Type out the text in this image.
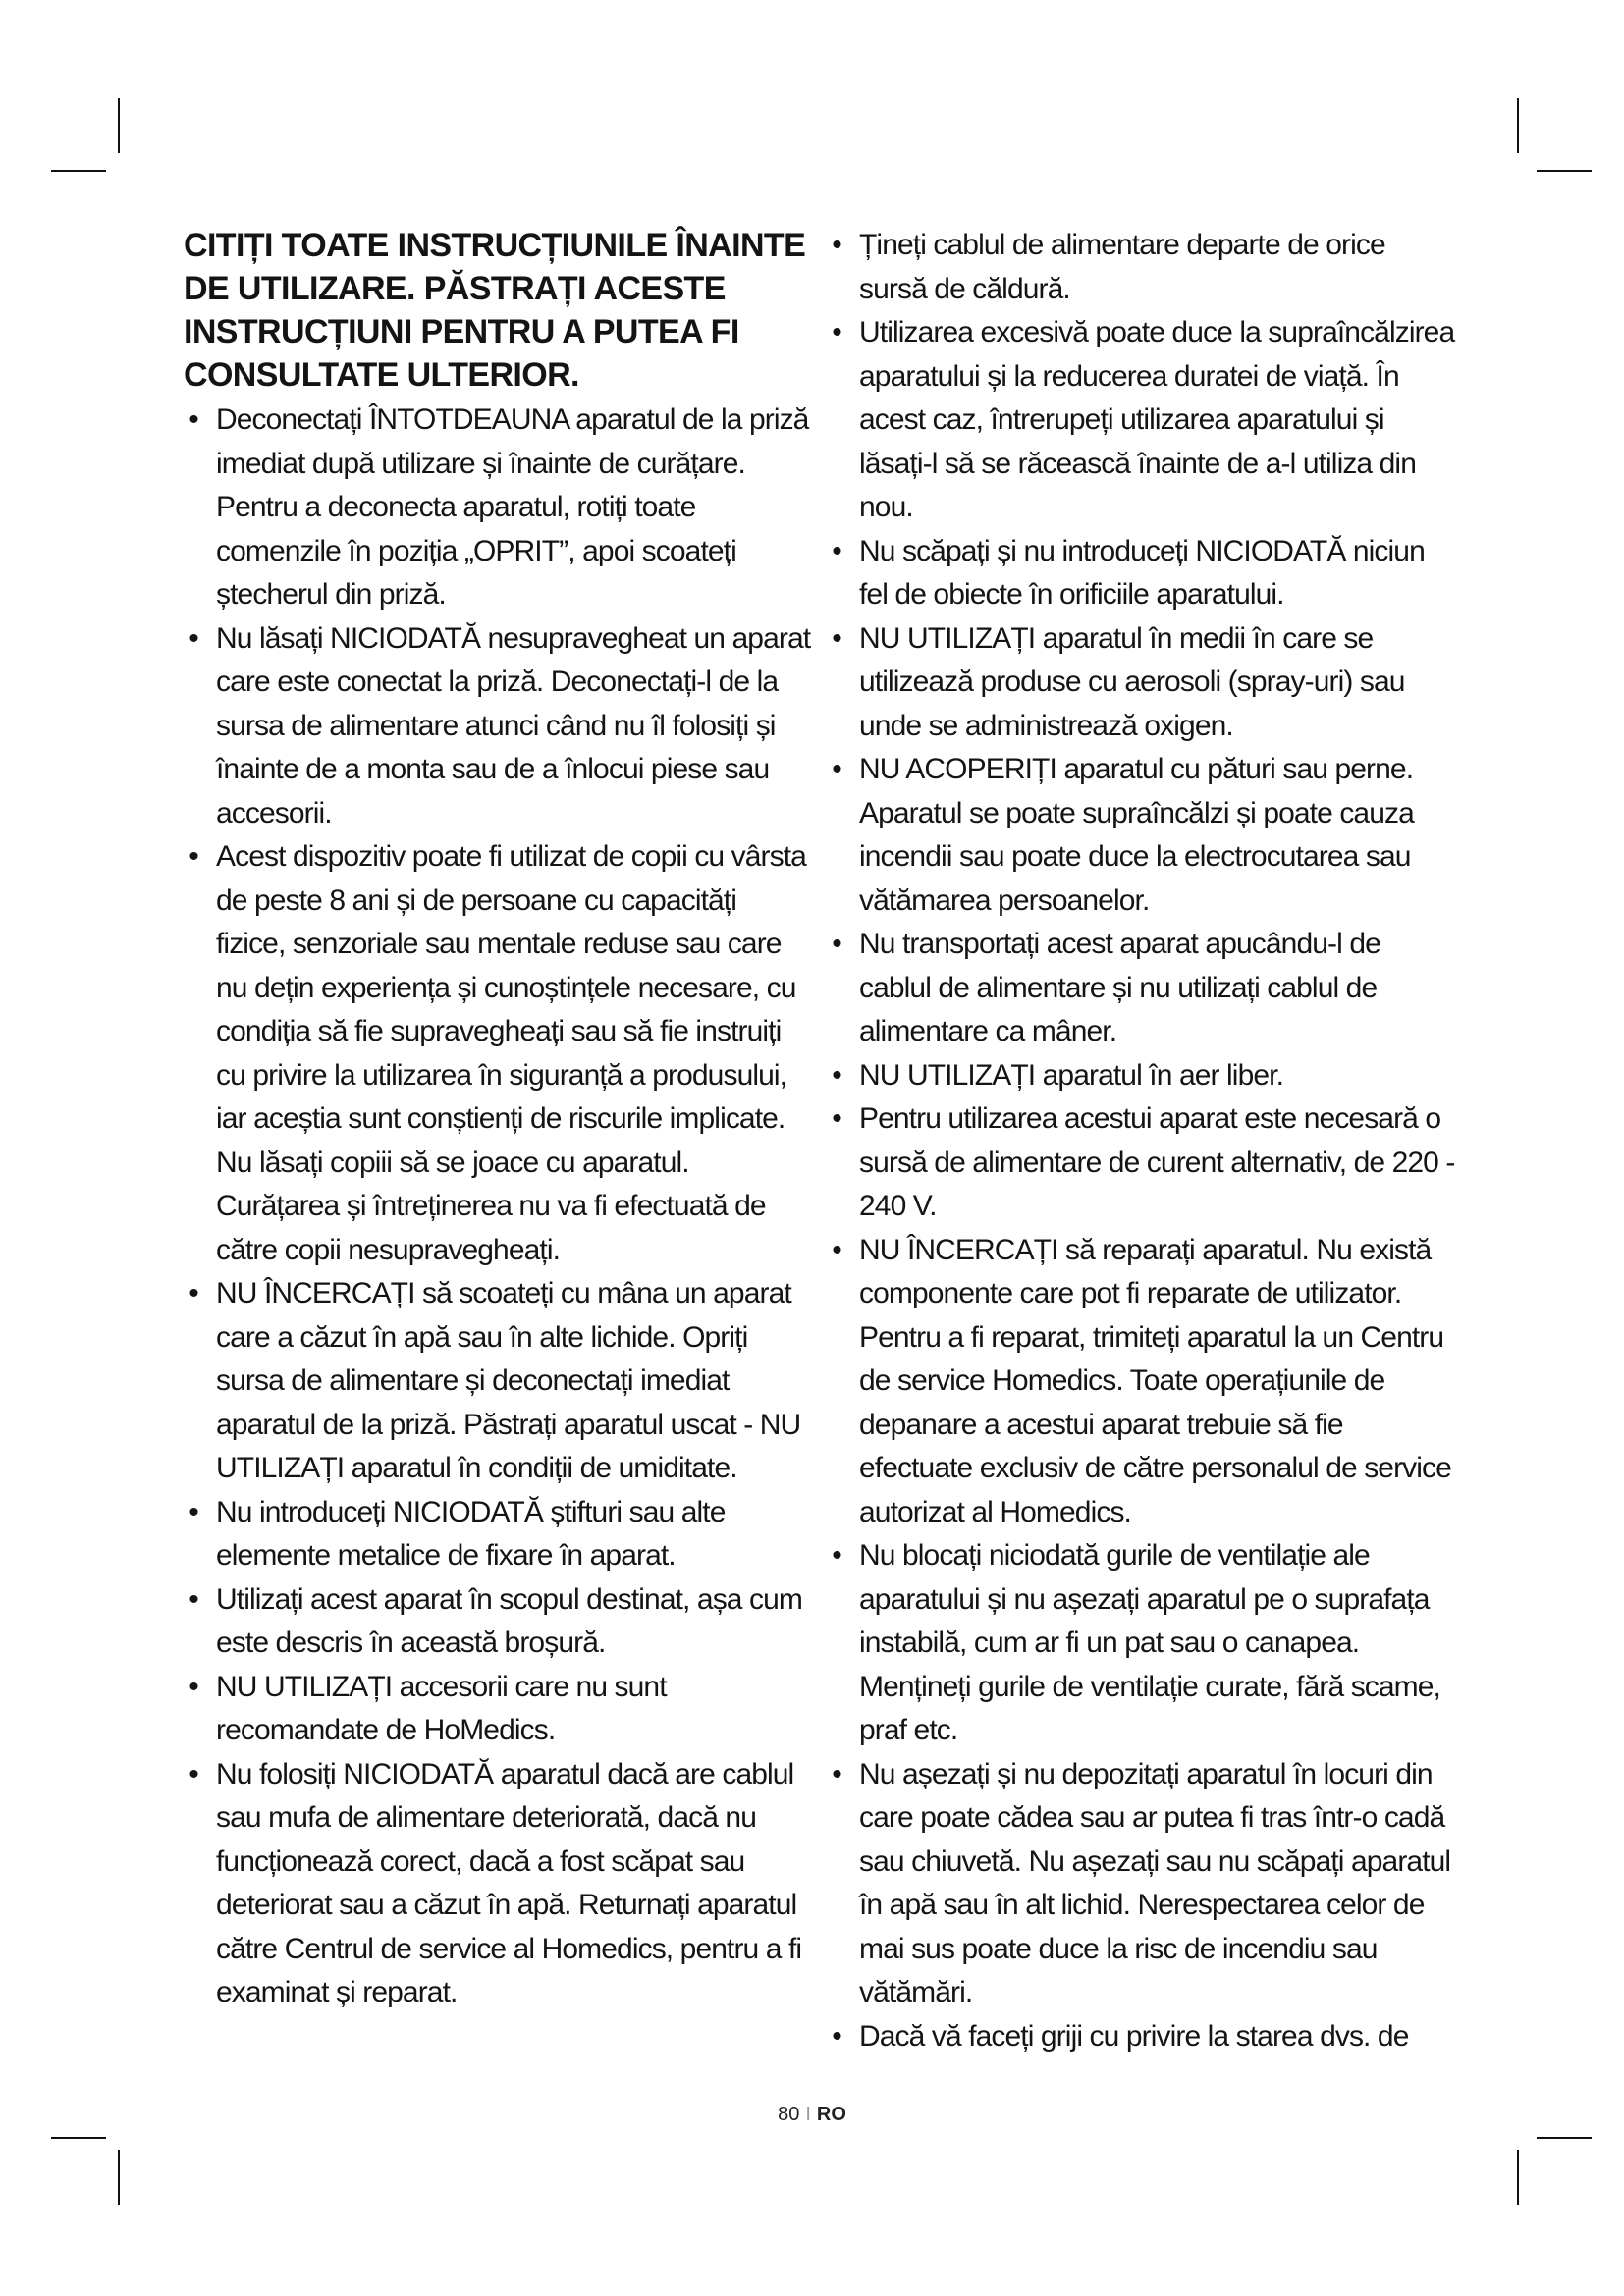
CITIȚI TOATE INSTRUCȚIUNILE ÎNAINTE DE UTILIZARE. PĂSTRAȚI ACESTE INSTRUCȚIUNI PENTRU A PUTEA FI CONSULTATE ULTERIOR.
• Deconectați ÎNTOTDEAUNA aparatul de la priză imediat după utilizare și înainte de curățare. Pentru a deconecta aparatul, rotiți toate comenzile în poziția „OPRIT”, apoi scoateți ștecherul din priză.
• Nu lăsați NICIODATĂ nesupravegheat un aparat care este conectat la priză. Deconectați-l de la sursa de alimentare atunci când nu îl folosiți și înainte de a monta sau de a înlocui piese sau accesorii.
• Acest dispozitiv poate fi utilizat de copii cu vârsta de peste 8 ani și de persoane cu capacități fizice, senzoriale sau mentale reduse sau care nu dețin experiența și cunoștințele necesare, cu condiția să fie supravegheați sau să fie instruiți cu privire la utilizarea în siguranță a produsului, iar aceștia sunt conștienți de riscurile implicate. Nu lăsați copiii să se joace cu aparatul. Curățarea și întreținerea nu va fi efectuată de către copii nesupravegheați.
• NU ÎNCERCAȚI să scoateți cu mâna un aparat care a căzut în apă sau în alte lichide. Opriți sursa de alimentare și deconectați imediat aparatul de la priză. Păstrați aparatul uscat - NU UTILIZAȚI aparatul în condiții de umiditate.
• Nu introduceți NICIODATĂ știfturi sau alte elemente metalice de fixare în aparat.
• Utilizați acest aparat în scopul destinat, așa cum este descris în această broșură.
• NU UTILIZAȚI accesorii care nu sunt recomandate de HoMedics.
• Nu folosiți NICIODATĂ aparatul dacă are cablul sau mufa de alimentare deteriorată, dacă nu funcționează corect, dacă a fost scăpat sau deteriorat sau a căzut în apă. Returnați aparatul către Centrul de service al Homedics, pentru a fi examinat și reparat.
• Țineți cablul de alimentare departe de orice sursă de căldură.
• Utilizarea excesivă poate duce la supraîncălzirea aparatului și la reducerea duratei de viață. În acest caz, întrerupeți utilizarea aparatului și lăsați-l să se răcească înainte de a-l utiliza din nou.
• Nu scăpați și nu introduceți NICIODATĂ niciun fel de obiecte în orificiile aparatului.
• NU UTILIZAȚI aparatul în medii în care se utilizează produse cu aerosoli (spray-uri) sau unde se administrează oxigen.
• NU ACOPERIȚI aparatul cu pături sau perne. Aparatul se poate supraîncălzi și poate cauza incendii sau poate duce la electrocutarea sau vătămarea persoanelor.
• Nu transportați acest aparat apucându-l de cablul de alimentare și nu utilizați cablul de alimentare ca mâner.
• NU UTILIZAȚI aparatul în aer liber.
• Pentru utilizarea acestui aparat este necesară o sursă de alimentare de curent alternativ, de 220 - 240 V.
• NU ÎNCERCAȚI să reparați aparatul. Nu există componente care pot fi reparate de utilizator. Pentru a fi reparat, trimiteți aparatul la un Centru de service Homedics. Toate operațiunile de depanare a acestui aparat trebuie să fie efectuate exclusiv de către personalul de service autorizat al Homedics.
• Nu blocați niciodată gurile de ventilație ale aparatului și nu așezați aparatul pe o suprafața instabilă, cum ar fi un pat sau o canapea. Mențineți gurile de ventilație curate, fără scame, praf etc.
• Nu așezați și nu depozitați aparatul în locuri din care poate cădea sau ar putea fi tras într-o cadă sau chiuvetă. Nu așezați sau nu scăpați aparatul în apă sau în alt lichid. Nerespectarea celor de mai sus poate duce la risc de incendiu sau vătămări.
• Dacă vă faceți griji cu privire la starea dvs. de
80 I RO
